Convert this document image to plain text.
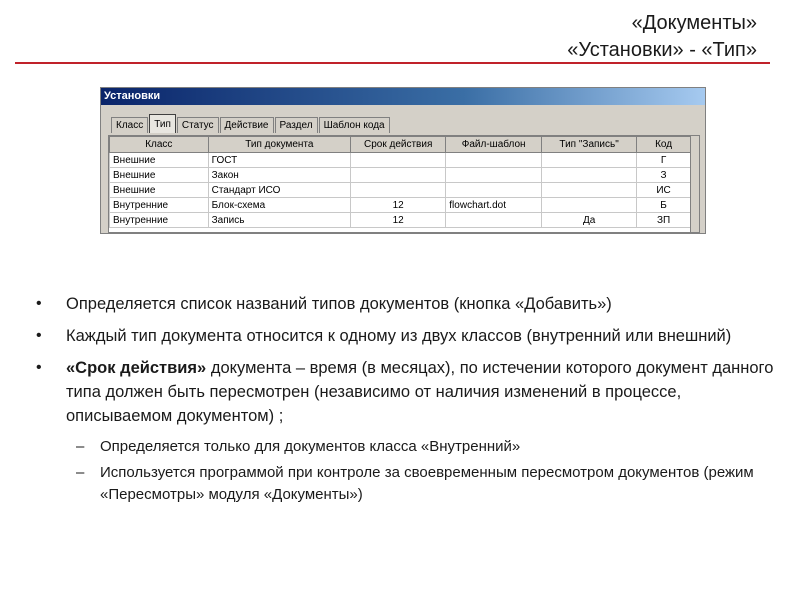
«Документы»
«Установки» - «Тип»
Установки
Класс	Тип	Статус	Действие	Раздел	Шаблон кода
Класс	Тип документа	Срок действия	Файл-шаблон	Тип "Запись"	Код
Внешние	ГОСТ				Г
Внешние	Закон				З
Внешние	Стандарт ИСО				ИС
Внутренние	Блок-схема	12	flowchart.dot		Б
Внутренние	Запись	12		Да	ЗП
• Определяется список названий типов документов (кнопка «Добавить»)
• Каждый тип документа относится к одному из двух классов (внутренний или внешний)
• «Срок действия» документа – время (в месяцах), по истечении которого документ данного типа должен быть пересмотрен (независимо от наличия изменений в процессе, описываемом документом) ;
– Определяется только для документов класса «Внутренний»
– Используется программой при контроле за своевременным пересмотром документов (режим «Пересмотры» модуля «Документы»)
